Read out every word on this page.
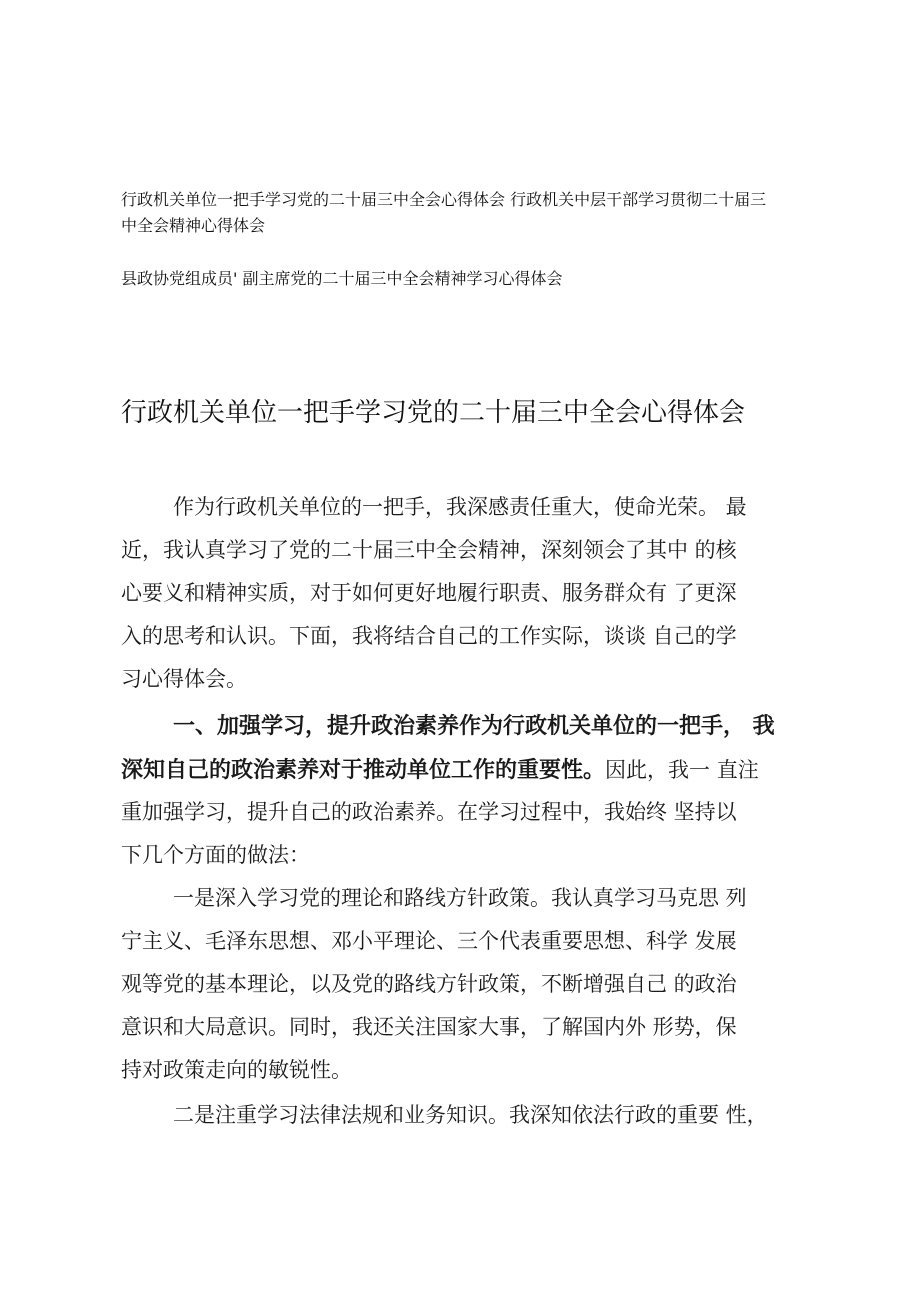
行政机关单位一把手学习党的二十届三中全会心得体会 行政机关中层干部学习贯彻二十届三
中全会精神心得体会
县政协党组成员' 副主席党的二十届三中全会精神学习心得体会
行政机关单位一把手学习党的二十届三中全会心得体会
作为行政机关单位的一把手，我深感责任重大，使命光荣。 最
近，我认真学习了党的二十届三中全会精神，深刻领会了其中 的核
心要义和精神实质，对于如何更好地履行职责、服务群众有 了更深
入的思考和认识。下面，我将结合自己的工作实际，谈谈 自己的学
习心得体会。
一、加强学习，提升政治素养作为行政机关单位的一把手， 我
深知自己的政治素养对于推动单位工作的重要性。因此，我一 直注
重加强学习，提升自己的政治素养。在学习过程中，我始终 坚持以
下几个方面的做法：
一是深入学习党的理论和路线方针政策。我认真学习马克思 列
宁主义、毛泽东思想、邓小平理论、三个代表重要思想、科学 发展
观等党的基本理论，以及党的路线方针政策，不断增强自己 的政治
意识和大局意识。同时，我还关注国家大事，了解国内外 形势，保
持对政策走向的敏锐性。
二是注重学习法律法规和业务知识。我深知依法行政的重要 性，
